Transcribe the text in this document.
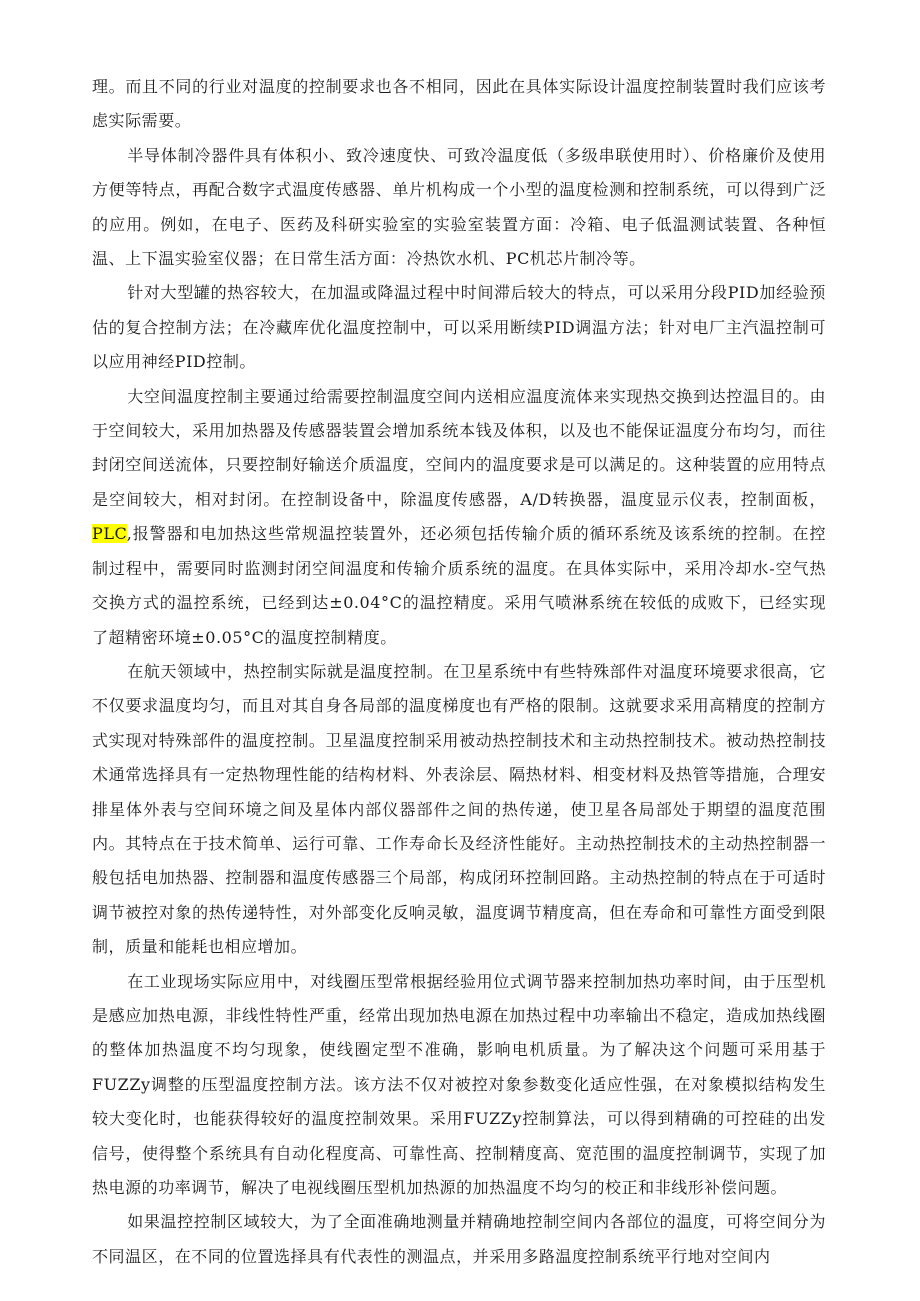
理。而且不同的行业对温度的控制要求也各不相同，因此在具体实际设计温度控制装置时我们应该考虑实际需要。

半导体制冷器件具有体积小、致冷速度快、可致冷温度低（多级串联使用时）、价格廉价及使用方便等特点，再配合数字式温度传感器、单片机构成一个小型的温度检测和控制系统，可以得到广泛的应用。例如，在电子、医药及科研实验室的实验室装置方面：冷箱、电子低温测试装置、各种恒温、上下温实验室仪器；在日常生活方面：冷热饮水机、PC机芯片制冷等。

针对大型罐的热容较大，在加温或降温过程中时间滞后较大的特点，可以采用分段PID加经验预估的复合控制方法；在冷藏库优化温度控制中，可以采用断续PID调温方法；针对电厂主汽温控制可以应用神经PID控制。

大空间温度控制主要通过给需要控制温度空间内送相应温度流体来实现热交换到达控温目的。由于空间较大，采用加热器及传感器装置会增加系统本钱及体积，以及也不能保证温度分布均匀，而往封闭空间送流体，只要控制好输送介质温度，空间内的温度要求是可以满足的。这种装置的应用特点是空间较大，相对封闭。在控制设备中，除温度传感器，A/D转换器，温度显示仪表，控制面板，PLC,报警器和电加热这些常规温控装置外，还必须包括传输介质的循环系统及该系统的控制。在控制过程中，需要同时监测封闭空间温度和传输介质系统的温度。在具体实际中，采用冷却水-空气热交换方式的温控系统，已经到达±0.04°C的温控精度。采用气喷淋系统在较低的成败下，已经实现了超精密环境±0.05°C的温度控制精度。

在航天领域中，热控制实际就是温度控制。在卫星系统中有些特殊部件对温度环境要求很高，它不仅要求温度均匀，而且对其自身各局部的温度梯度也有严格的限制。这就要求采用高精度的控制方式实现对特殊部件的温度控制。卫星温度控制采用被动热控制技术和主动热控制技术。被动热控制技术通常选择具有一定热物理性能的结构材料、外表涂层、隔热材料、相变材料及热管等措施，合理安排星体外表与空间环境之间及星体内部仪器部件之间的热传递，使卫星各局部处于期望的温度范围内。其特点在于技术简单、运行可靠、工作寿命长及经济性能好。主动热控制技术的主动热控制器一般包括电加热器、控制器和温度传感器三个局部，构成闭环控制回路。主动热控制的特点在于可适时调节被控对象的热传递特性，对外部变化反响灵敏，温度调节精度高，但在寿命和可靠性方面受到限制，质量和能耗也相应增加。

在工业现场实际应用中，对线圈压型常根据经验用位式调节器来控制加热功率时间，由于压型机是感应加热电源，非线性特性严重，经常出现加热电源在加热过程中功率输出不稳定，造成加热线圈的整体加热温度不均匀现象，使线圈定型不准确，影响电机质量。为了解决这个问题可采用基于FUZZy调整的压型温度控制方法。该方法不仅对被控对象参数变化适应性强，在对象模拟结构发生较大变化时，也能获得较好的温度控制效果。采用FUZZy控制算法，可以得到精确的可控硅的出发信号，使得整个系统具有自动化程度高、可靠性高、控制精度高、宽范围的温度控制调节，实现了加热电源的功率调节，解决了电视线圈压型机加热源的加热温度不均匀的校正和非线形补偿问题。

如果温控控制区域较大，为了全面准确地测量并精确地控制空间内各部位的温度，可将空间分为不同温区，在不同的位置选择具有代表性的测温点，并采用多路温度控制系统平行地对空间内
